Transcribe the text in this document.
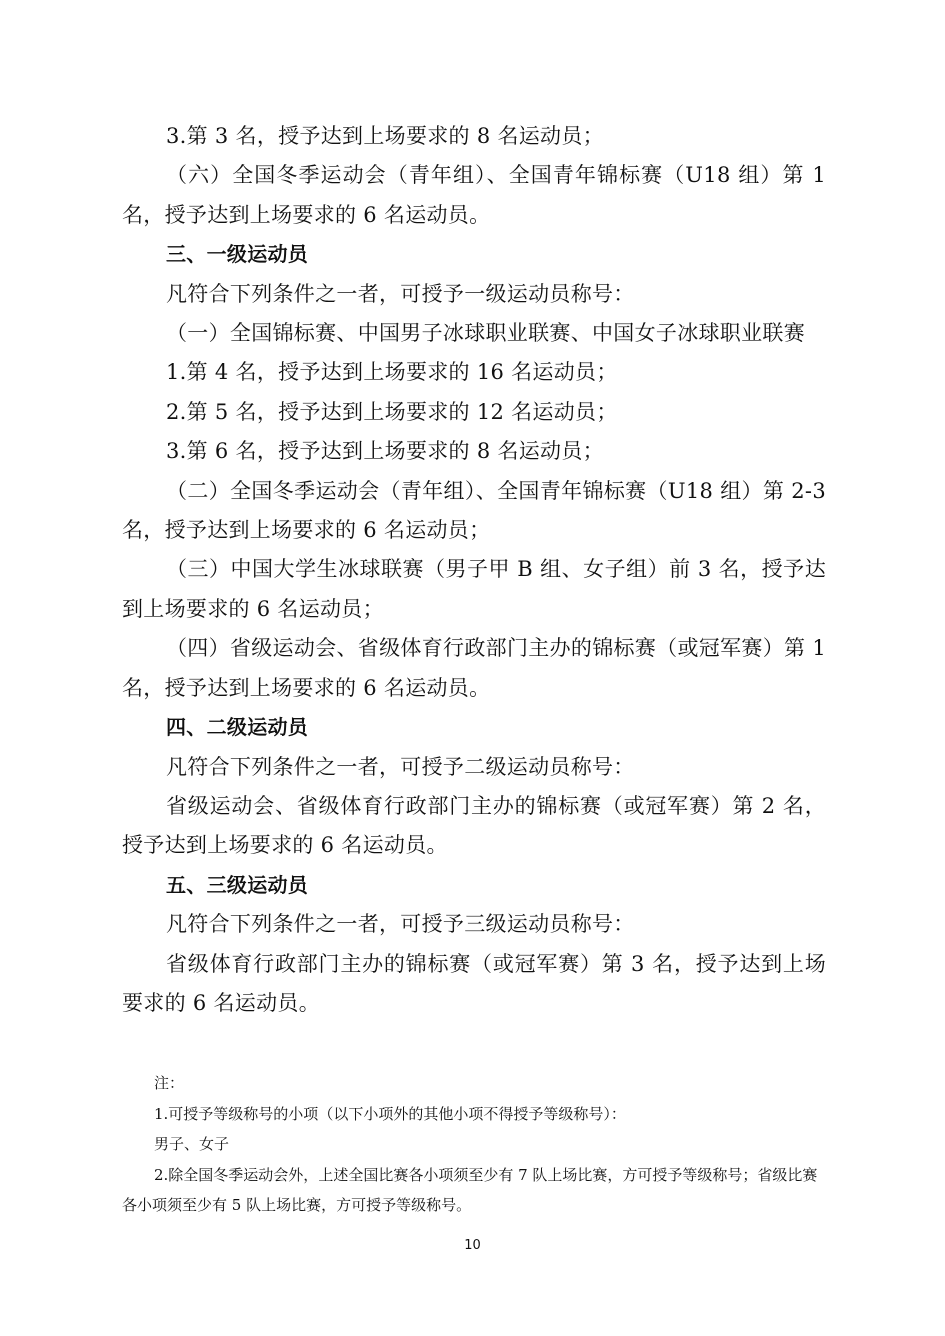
3.第 3 名，授予达到上场要求的 8 名运动员；

（六）全国冬季运动会（青年组）、全国青年锦标赛（U18 组）第 1 名，授予达到上场要求的 6 名运动员。

三、一级运动员

凡符合下列条件之一者，可授予一级运动员称号：

（一）全国锦标赛、中国男子冰球职业联赛、中国女子冰球职业联赛

1.第 4 名，授予达到上场要求的 16 名运动员；

2.第 5 名，授予达到上场要求的 12 名运动员；

3.第 6 名，授予达到上场要求的 8 名运动员；

（二）全国冬季运动会（青年组）、全国青年锦标赛（U18 组）第 2-3 名，授予达到上场要求的 6 名运动员；

（三）中国大学生冰球联赛（男子甲 B 组、女子组）前 3 名，授予达到上场要求的 6 名运动员；

（四）省级运动会、省级体育行政部门主办的锦标赛（或冠军赛）第 1 名，授予达到上场要求的 6 名运动员。

四、二级运动员

凡符合下列条件之一者，可授予二级运动员称号：

省级运动会、省级体育行政部门主办的锦标赛（或冠军赛）第 2 名，授予达到上场要求的 6 名运动员。

五、三级运动员

凡符合下列条件之一者，可授予三级运动员称号：

省级体育行政部门主办的锦标赛（或冠军赛）第 3 名，授予达到上场要求的 6 名运动员。

注：

1.可授予等级称号的小项（以下小项外的其他小项不得授予等级称号）：

男子、女子

2.除全国冬季运动会外，上述全国比赛各小项须至少有 7 队上场比赛，方可授予等级称号；省级比赛各小项须至少有 5 队上场比赛，方可授予等级称号。

10
